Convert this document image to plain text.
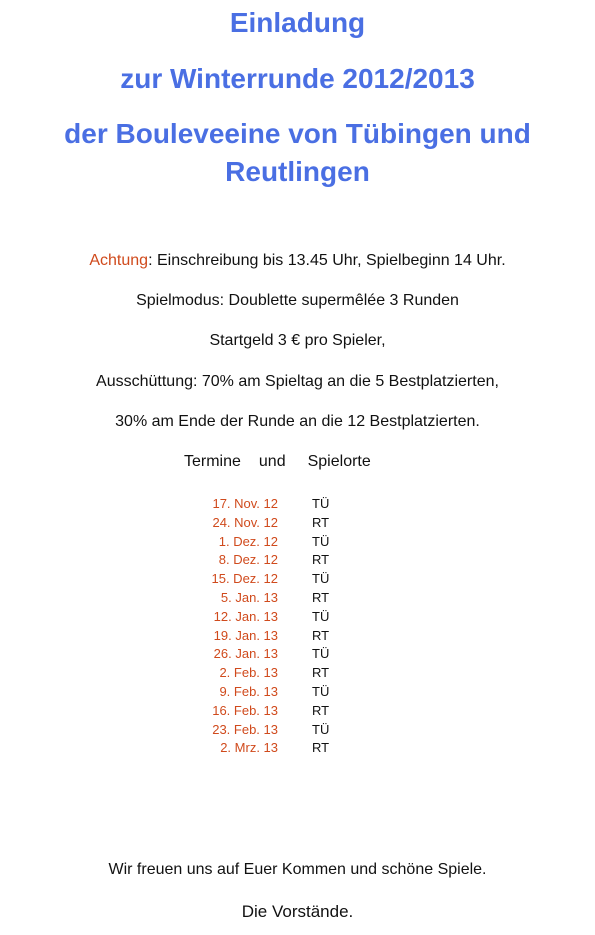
Einladung
zur Winterrunde 2012/2013
der Bouleveeine von Tübingen und
Reutlingen

Achtung: Einschreibung bis 13.45 Uhr, Spielbeginn 14 Uhr.

Spielmodus: Doublette supermêlée 3 Runden

Startgeld 3 € pro Spieler,

Ausschüttung: 70% am Spieltag an die 5 Bestplatzierten,

30% am Ende der Runde an die 12 Bestplatzierten.

Termine und Spielorte
17. Nov. 12	TÜ
24. Nov. 12	RT
1. Dez. 12	TÜ
8. Dez. 12	RT
15. Dez. 12	TÜ
5. Jan. 13	RT
12. Jan. 13	TÜ
19. Jan. 13	RT
26. Jan. 13	TÜ
2. Feb. 13	RT
9. Feb. 13	TÜ
16. Feb. 13	RT
23. Feb. 13	TÜ
2. Mrz. 13	RT

Wir freuen uns auf Euer Kommen und schöne Spiele.

Die Vorstände.
